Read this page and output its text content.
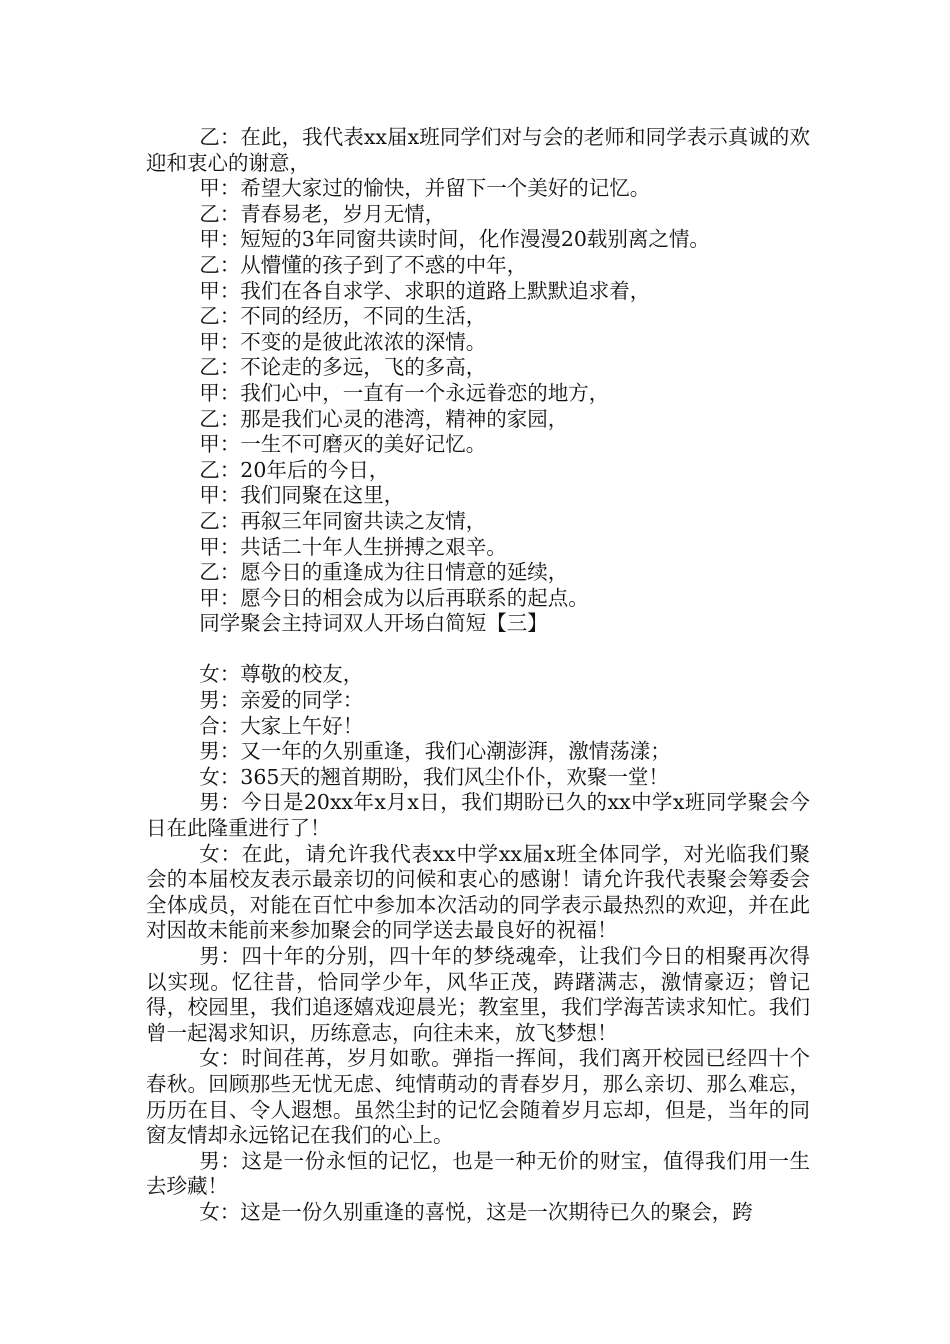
乙：在此，我代表xx届x班同学们对与会的老师和同学表示真诚的欢迎和衷心的谢意，

甲：希望大家过的愉快，并留下一个美好的记忆。

乙：青春易老，岁月无情，

甲：短短的3年同窗共读时间，化作漫漫20载别离之情。

乙：从懵懂的孩子到了不惑的中年，

甲：我们在各自求学、求职的道路上默默追求着，

乙：不同的经历，不同的生活，

甲：不变的是彼此浓浓的深情。

乙：不论走的多远，飞的多高，

甲：我们心中，一直有一个永远眷恋的地方，

乙：那是我们心灵的港湾，精神的家园，

甲：一生不可磨灭的美好记忆。

乙：20年后的今日，

甲：我们同聚在这里，

乙：再叙三年同窗共读之友情，

甲：共话二十年人生拼搏之艰辛。

乙：愿今日的重逢成为往日情意的延续，

甲：愿今日的相会成为以后再联系的起点。

同学聚会主持词双人开场白简短【三】

女：尊敬的校友，

男：亲爱的同学：

合：大家上午好！

男：又一年的久别重逢，我们心潮澎湃，激情荡漾；

女：365天的翘首期盼，我们风尘仆仆，欢聚一堂！

男：今日是20xx年x月x日，我们期盼已久的xx中学x班同学聚会今日在此隆重进行了！

女：在此，请允许我代表xx中学xx届x班全体同学，对光临我们聚会的本届校友表示最亲切的问候和衷心的感谢！请允许我代表聚会筹委会全体成员，对能在百忙中参加本次活动的同学表示最热烈的欢迎，并在此对因故未能前来参加聚会的同学送去最良好的祝福！

男：四十年的分别，四十年的梦绕魂牵，让我们今日的相聚再次得以实现。忆往昔，恰同学少年，风华正茂，踌躇满志，激情豪迈；曾记得，校园里，我们追逐嬉戏迎晨光；教室里，我们学海苦读求知忙。我们曾一起渴求知识，历练意志，向往未来，放飞梦想！

女：时间荏苒，岁月如歌。弹指一挥间，我们离开校园已经四十个春秋。回顾那些无忧无虑、纯情萌动的青春岁月，那么亲切、那么难忘，历历在目、令人遐想。虽然尘封的记忆会随着岁月忘却，但是，当年的同窗友情却永远铭记在我们的心上。

男：这是一份永恒的记忆，也是一种无价的财宝，值得我们用一生去珍藏！

女：这是一份久别重逢的喜悦，这是一次期待已久的聚会，跨
